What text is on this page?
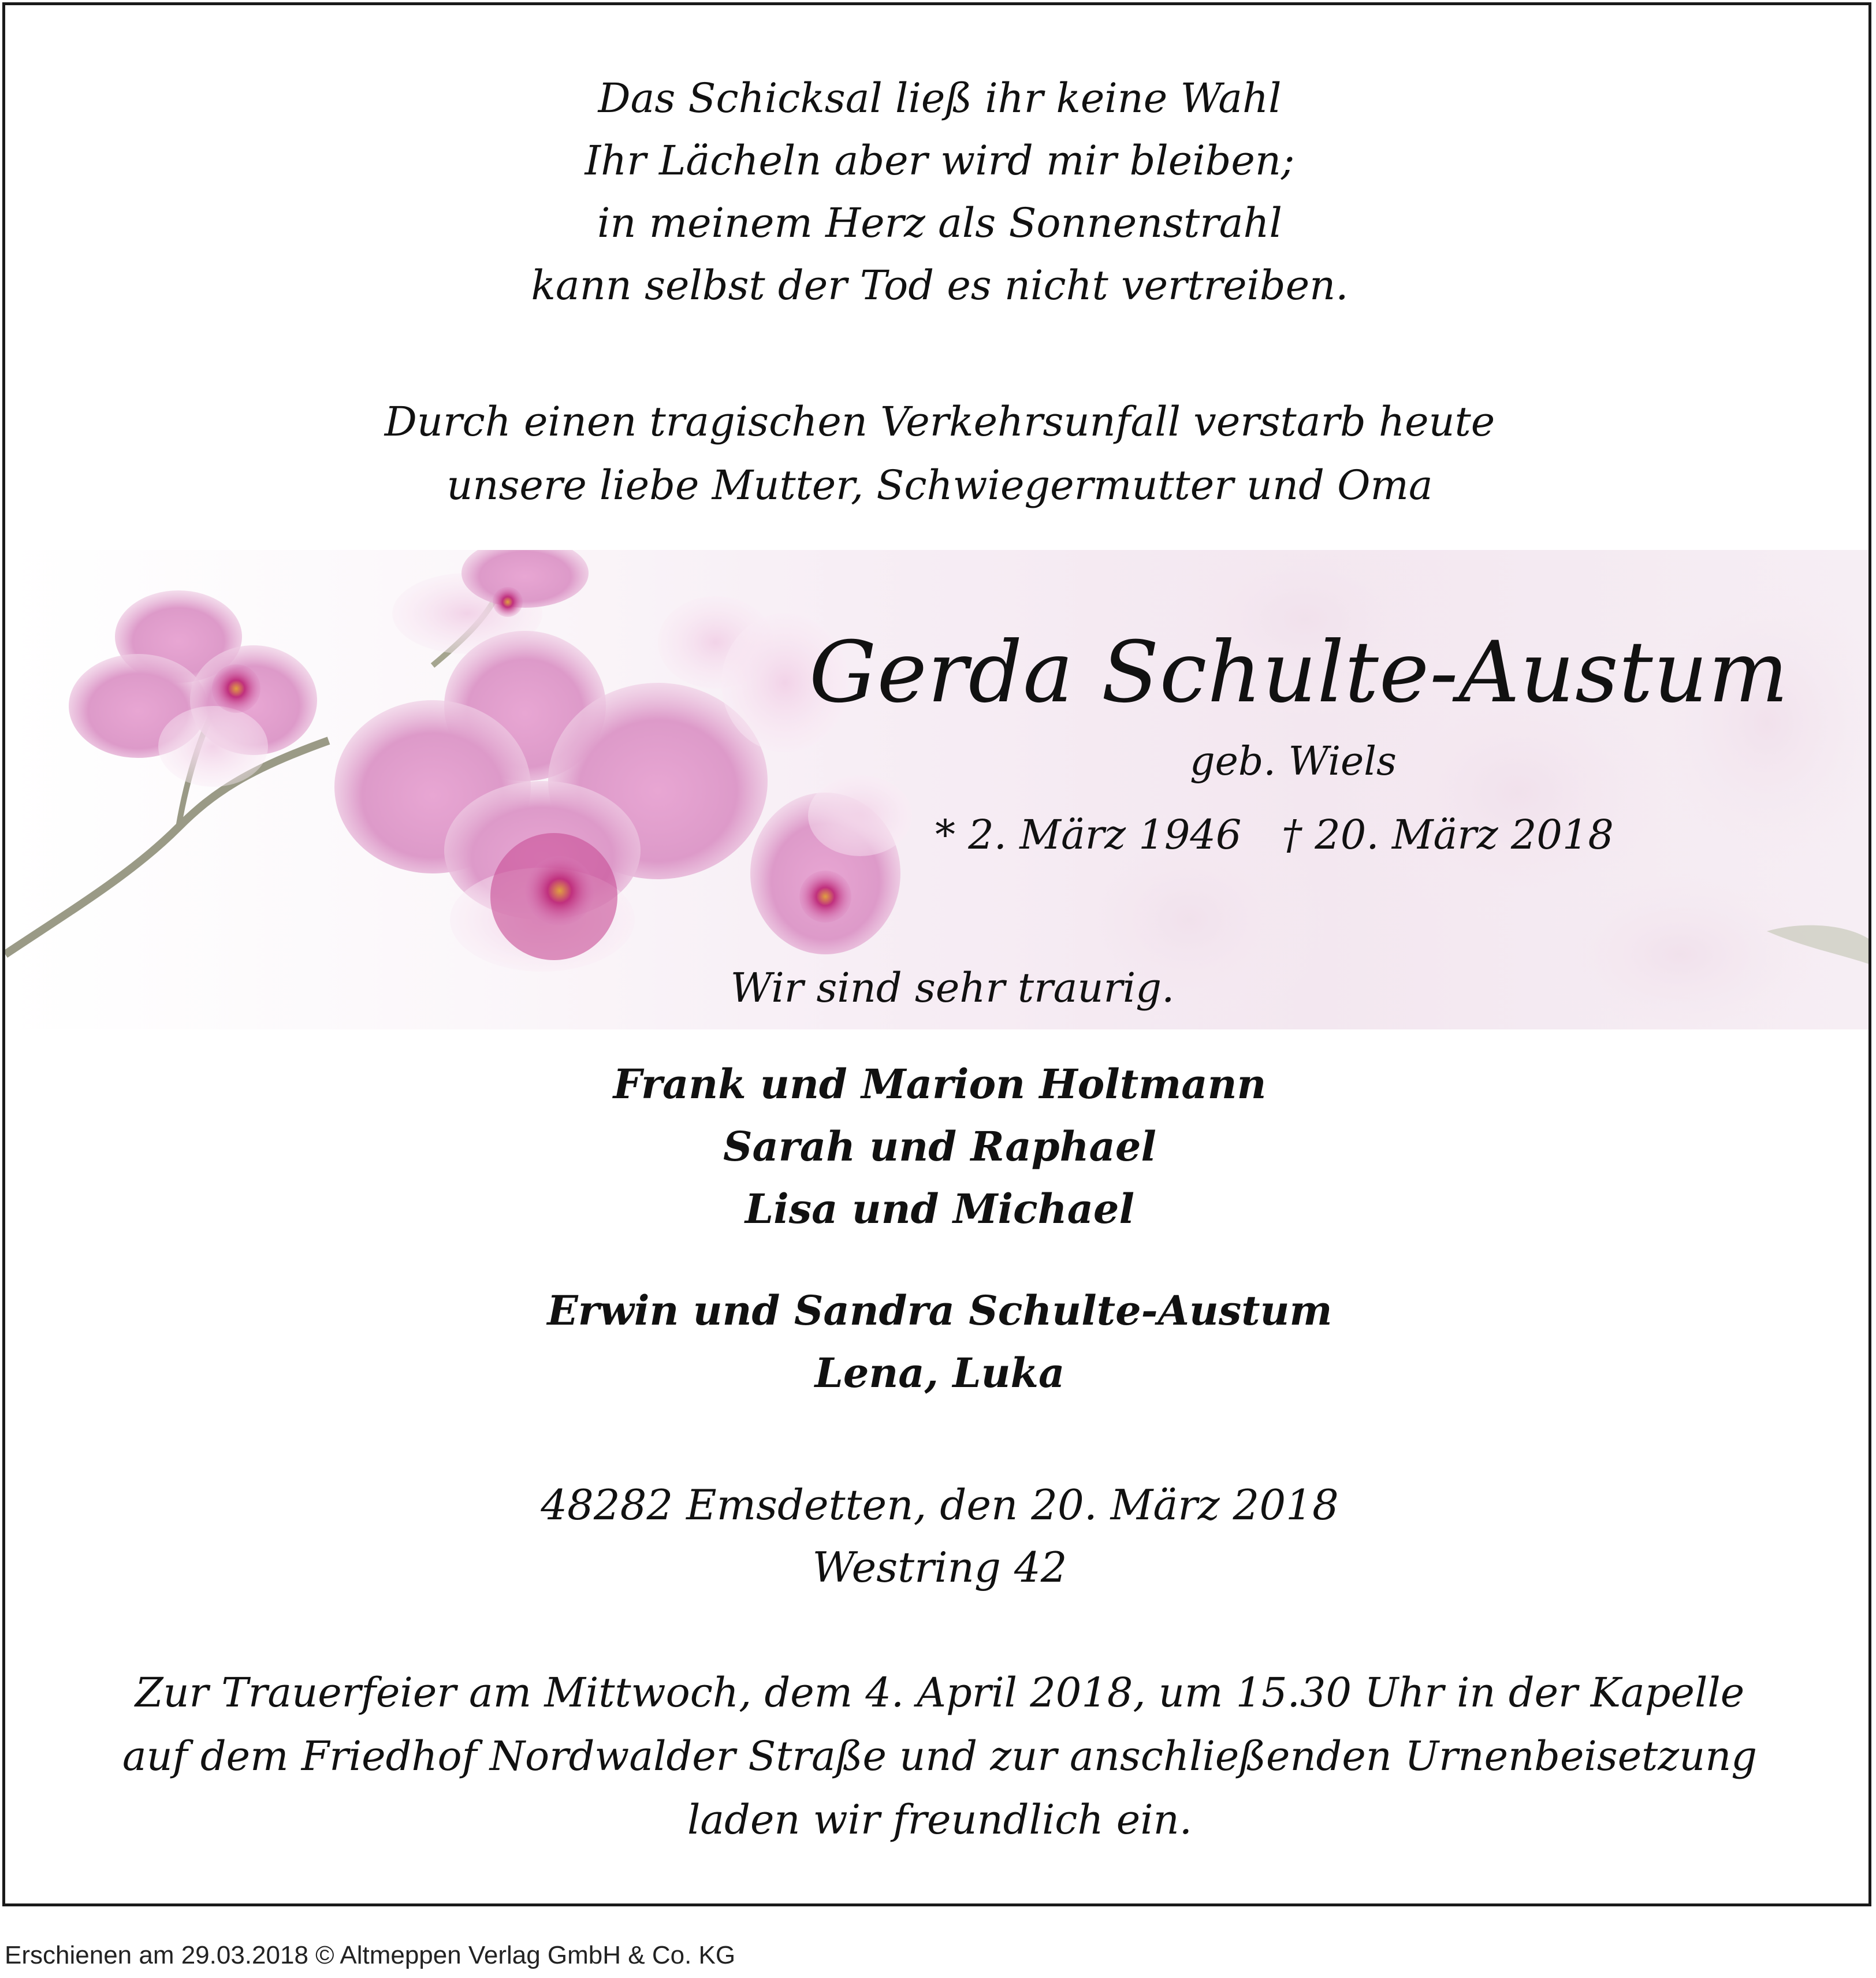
Das Schicksal ließ ihr keine Wahl
Ihr Lächeln aber wird mir bleiben;
in meinem Herz als Sonnenstrahl
kann selbst der Tod es nicht vertreiben.
Durch einen tragischen Verkehrsunfall verstarb heute
unsere liebe Mutter, Schwiegermutter und Oma
Gerda Schulte-Austum
geb. Wiels
* 2. März 1946 † 20. März 2018
Wir sind sehr traurig.
Frank und Marion Holtmann
Sarah und Raphael
Lisa und Michael
Erwin und Sandra Schulte-Austum
Lena, Luka
48282 Emsdetten, den 20. März 2018
Westring 42
Zur Trauerfeier am Mittwoch, dem 4. April 2018, um 15.30 Uhr in der Kapelle
auf dem Friedhof Nordwalder Straße und zur anschließenden Urnenbeisetzung
laden wir freundlich ein.
Erschienen am 29.03.2018 © Altmeppen Verlag GmbH & Co. KG
